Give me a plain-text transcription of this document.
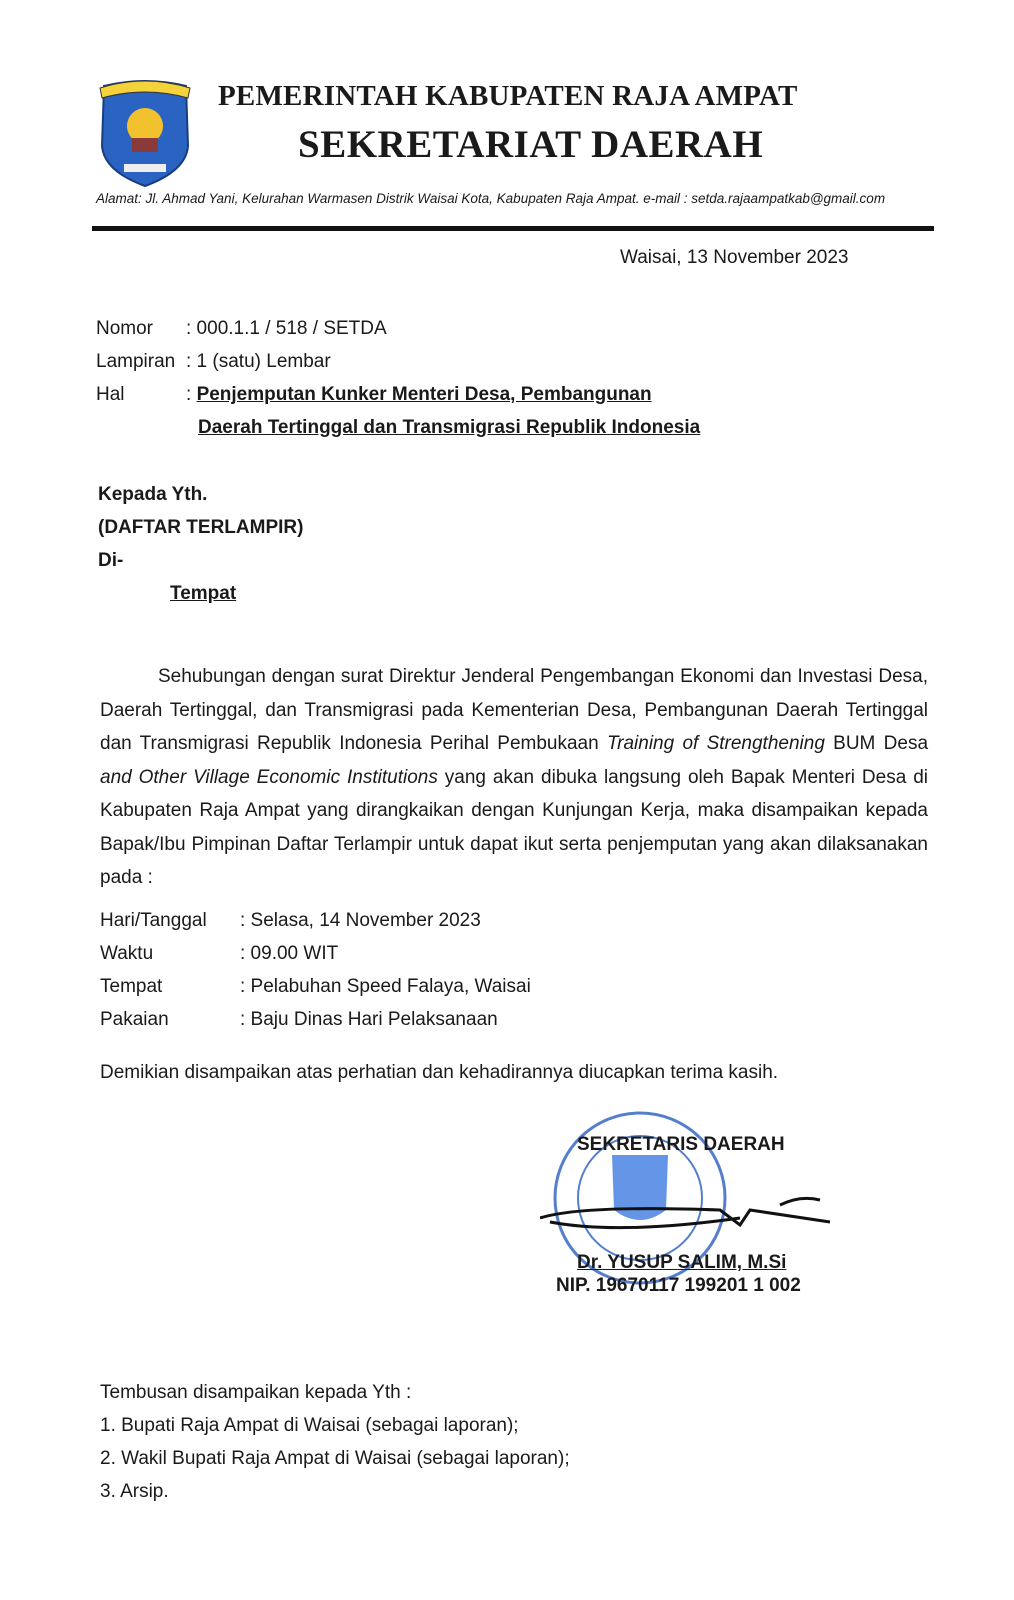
PEMERINTAH KABUPATEN RAJA AMPAT
SEKRETARIAT DAERAH
Alamat: Jl. Ahmad Yani, Kelurahan Warmasen Distrik Waisai Kota, Kabupaten Raja Ampat. e-mail : setda.rajaampatkab@gmail.com
Waisai, 13 November 2023
Nomor	: 000.1.1 / 518 / SETDA
Lampiran	: 1 (satu) Lembar
Hal	: Penjemputan Kunker Menteri Desa, Pembangunan
Daerah Tertinggal dan Transmigrasi Republik Indonesia
Kepada Yth.
(DAFTAR TERLAMPIR)
Di-
Tempat
Sehubungan dengan surat Direktur Jenderal Pengembangan Ekonomi dan Investasi Desa, Daerah Tertinggal, dan Transmigrasi pada Kementerian Desa, Pembangunan Daerah Tertinggal dan Transmigrasi Republik Indonesia Perihal Pembukaan Training of Strengthening BUM Desa and Other Village Economic Institutions yang akan dibuka langsung oleh Bapak Menteri Desa di Kabupaten Raja Ampat yang dirangkaikan dengan Kunjungan Kerja, maka disampaikan kepada Bapak/Ibu Pimpinan Daftar Terlampir untuk dapat ikut serta penjemputan yang akan dilaksanakan pada :
Hari/Tanggal	: Selasa, 14 November 2023
Waktu	: 09.00 WIT
Tempat	: Pelabuhan Speed Falaya, Waisai
Pakaian	: Baju Dinas Hari Pelaksanaan
Demikian disampaikan atas perhatian dan kehadirannya diucapkan terima kasih.
SEKRETARIS DAERAH
Dr. YUSUP SALIM, M.Si
NIP. 19670117 199201 1 002
Tembusan disampaikan kepada Yth :
1. Bupati Raja Ampat di Waisai (sebagai laporan);
2. Wakil Bupati Raja Ampat di Waisai (sebagai laporan);
3. Arsip.
